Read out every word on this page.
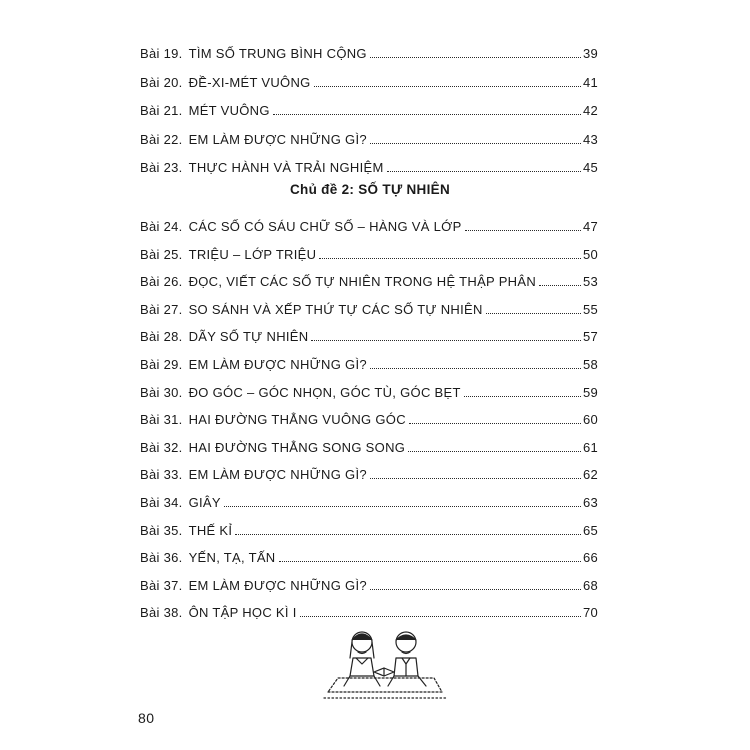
Bài 19. TÌM SỐ TRUNG BÌNH CỘNG	39
Bài 20. ĐỀ-XI-MÉT VUÔNG	41
Bài 21. MÉT VUÔNG	42
Bài 22. EM LÀM ĐƯỢC NHỮNG GÌ?	43
Bài 23. THỰC HÀNH VÀ TRẢI NGHIỆM	45
Chủ đề 2: SỐ TỰ NHIÊN
Bài 24. CÁC SỐ CÓ SÁU CHỮ SỐ – HÀNG VÀ LỚP	47
Bài 25. TRIỆU – LỚP TRIỆU	50
Bài 26. ĐỌC, VIẾT CÁC SỐ TỰ NHIÊN TRONG HỆ THẬP PHÂN	53
Bài 27. SO SÁNH VÀ XẾP THỨ TỰ CÁC SỐ TỰ NHIÊN	55
Bài 28. DÃY SỐ TỰ NHIÊN	57
Bài 29. EM LÀM ĐƯỢC NHỮNG GÌ?	58
Bài 30. ĐO GÓC – GÓC NHỌN, GÓC TÙ, GÓC BẸT	59
Bài 31. HAI ĐƯỜNG THẲNG VUÔNG GÓC	60
Bài 32. HAI ĐƯỜNG THẲNG SONG SONG	61
Bài 33. EM LÀM ĐƯỢC NHỮNG GÌ?	62
Bài 34. GIÂY	63
Bài 35. THẾ KỈ	65
Bài 36. YẾN, TẠ, TẤN	66
Bài 37. EM LÀM ĐƯỢC NHỮNG GÌ?	68
Bài 38. ÔN TẬP HỌC KÌ I	70
80
